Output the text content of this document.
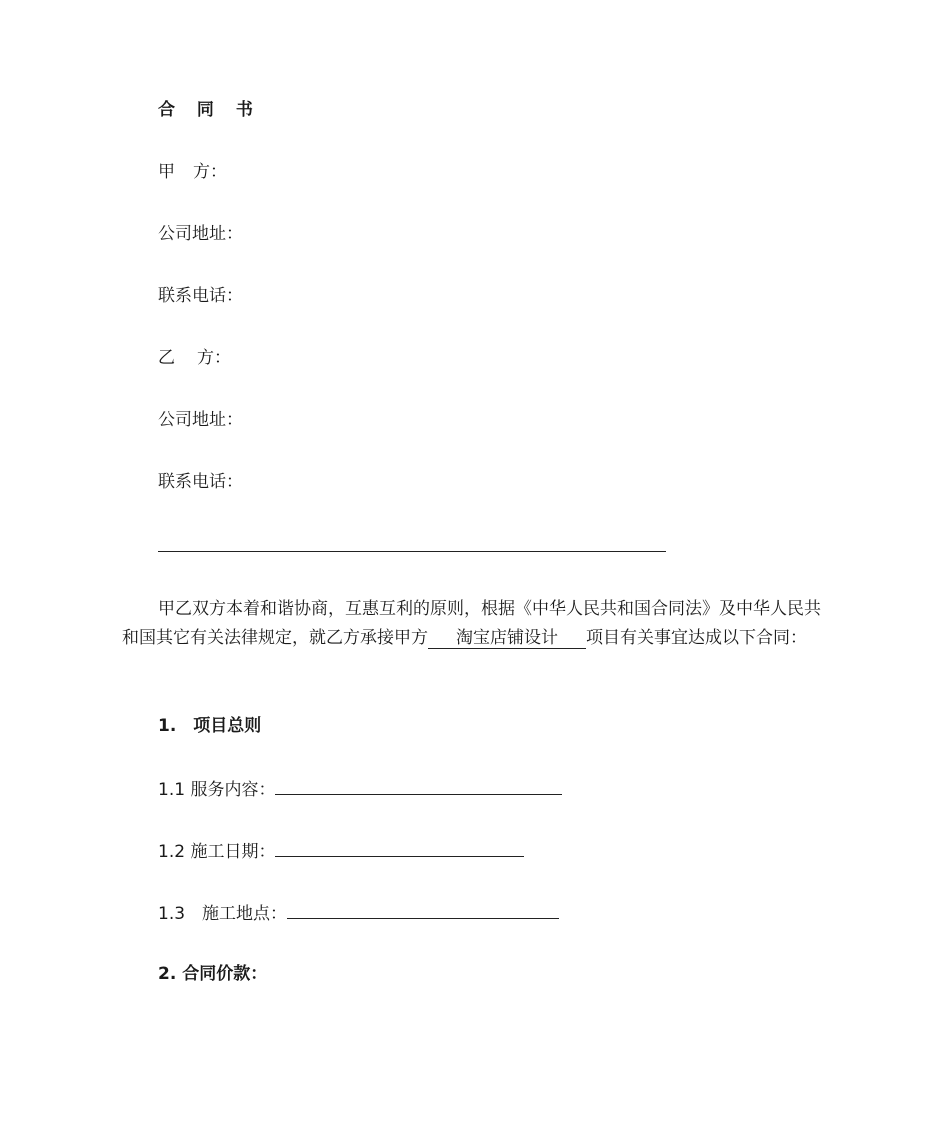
合 同 书
甲 方：
公司地址：
联系电话：
乙 方：
公司地址：
联系电话：

甲乙双方本着和谐协商，互惠互利的原则，根据《中华人民共和国合同法》及中华人民共和国其它有关法律规定，就乙方承接甲方 淘宝店铺设计 项目有关事宜达成以下合同：

1.　项目总则
1.1 服务内容：
1.2 施工日期：
1.3　施工地点：
2. 合同价款：
